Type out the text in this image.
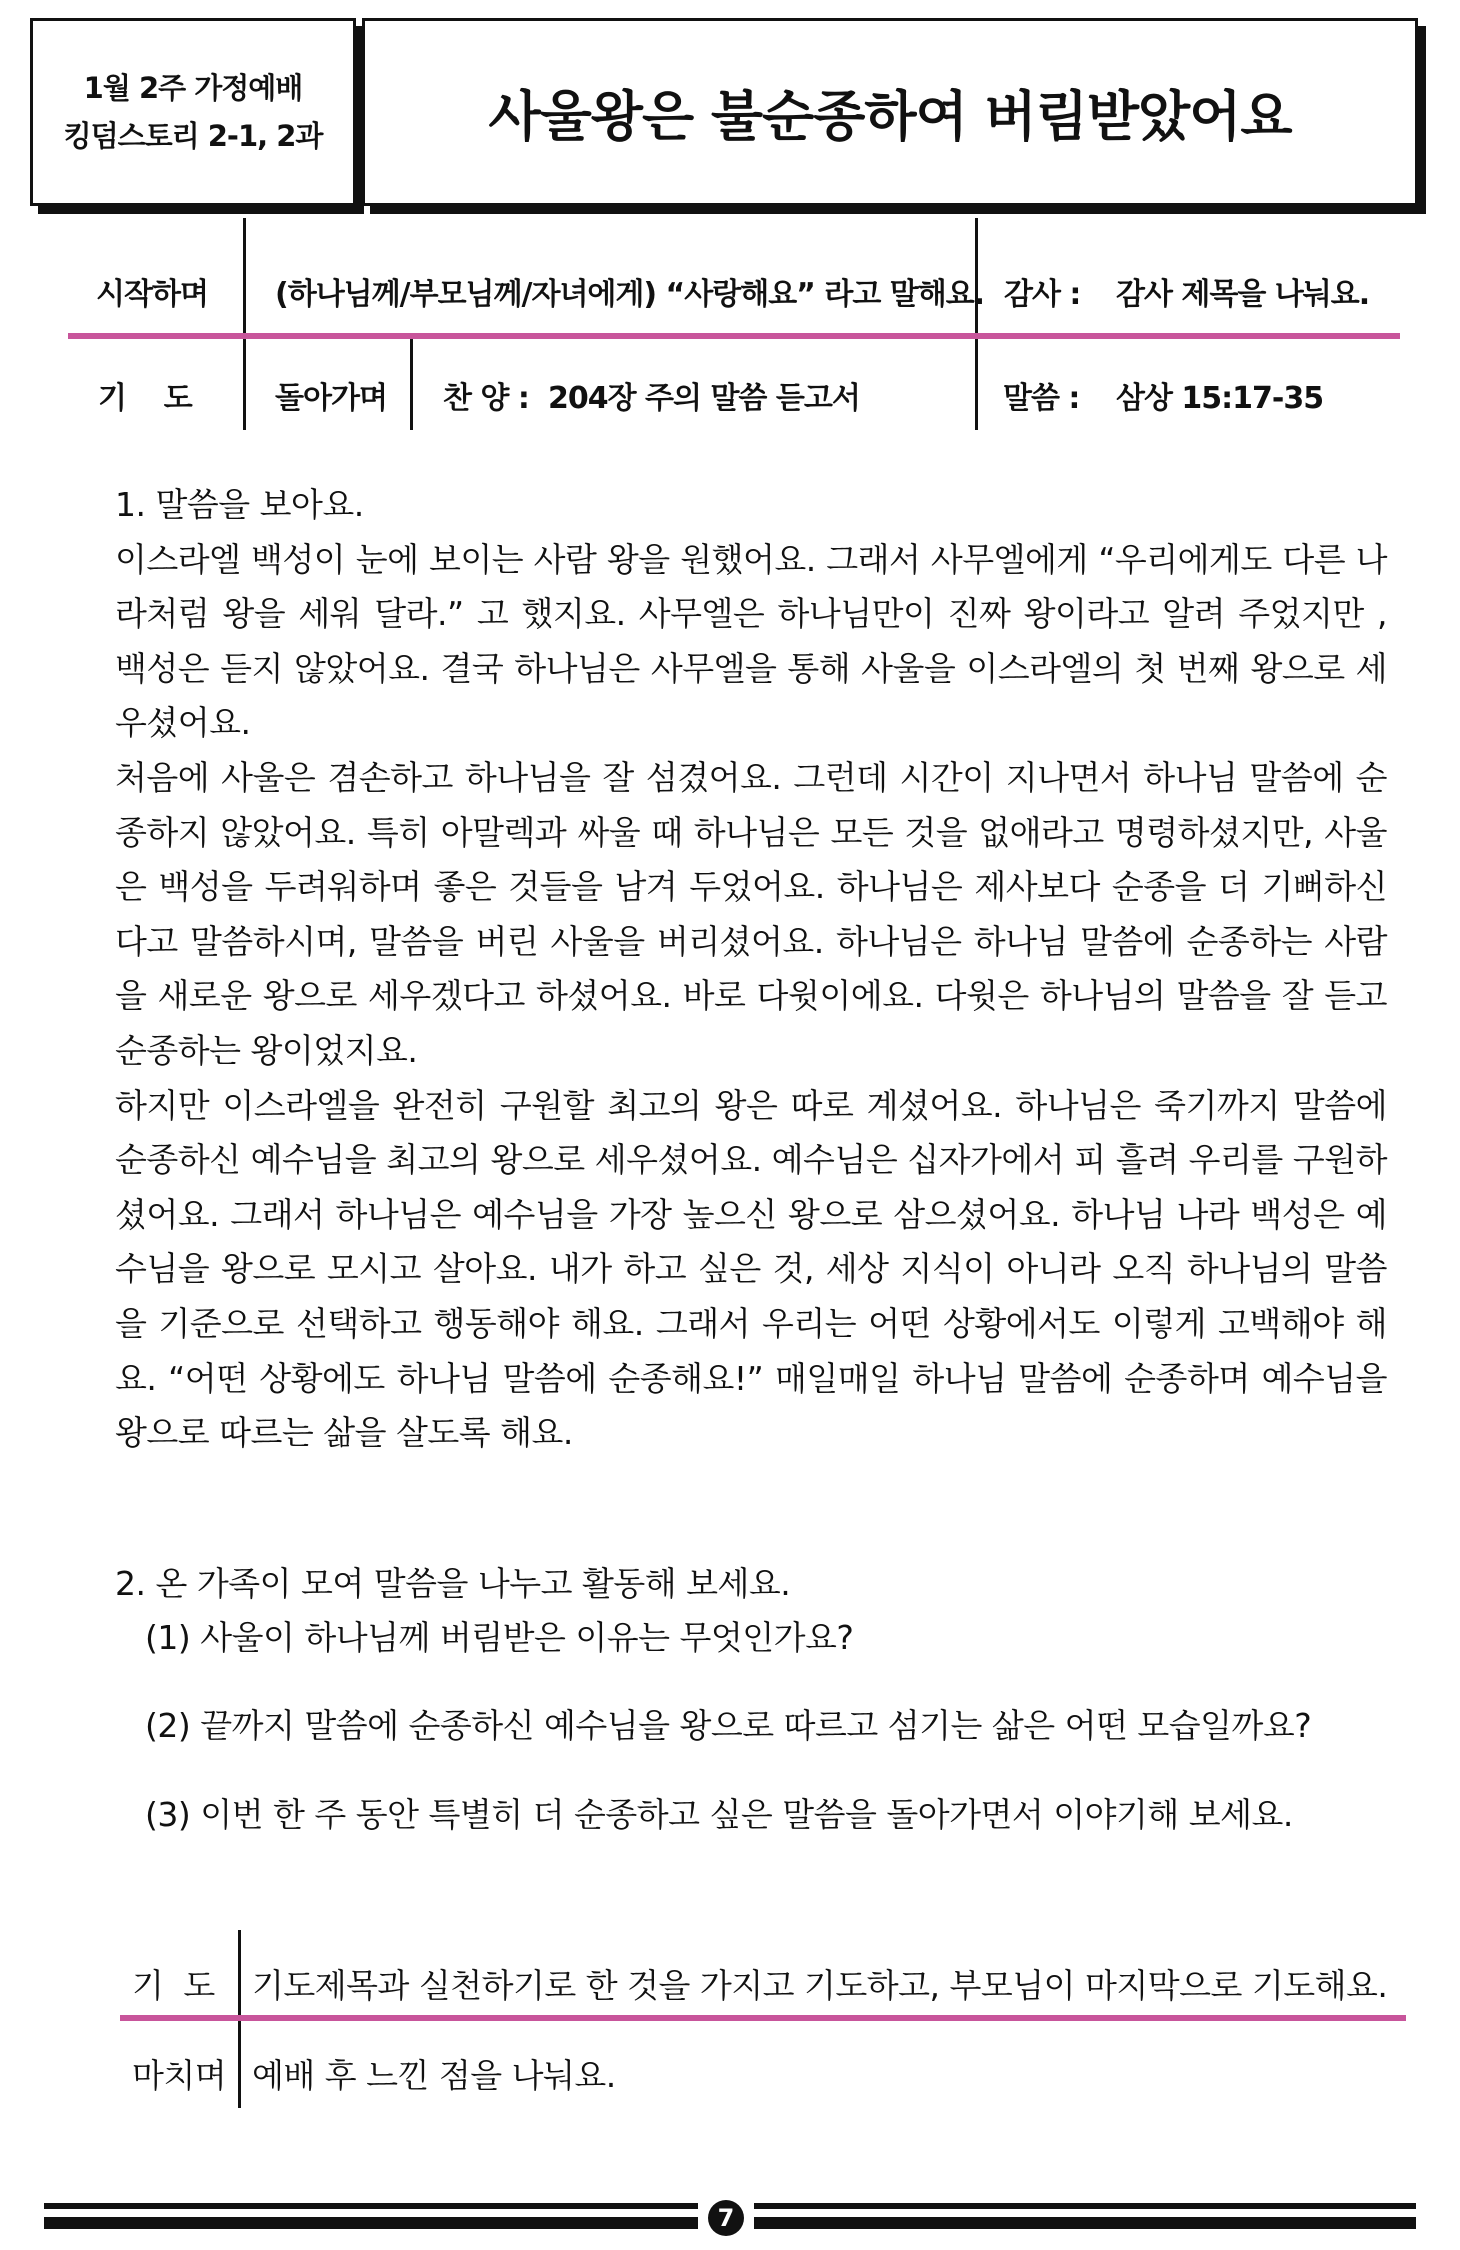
1월 2주 가정예배
킹덤스토리 2-1, 2과	사울왕은 불순종하여 버림받았어요
시작하며 (하나님께/부모님께/자녀에게) “사랑해요” 라고 말해요. 감사 : 감사 제목을 나눠요.
기    도	돌아가며 찬 양 : 204장 주의 말씀 듣고서	말씀 : 삼상 15:17-35

1. 말씀을 보아요.

이스라엘 백성이 눈에 보이는 사람 왕을 원했어요. 그래서 사무엘에게 “우리에게도 다른 나라처럼 왕을 세워 달라.” 고 했지요. 사무엘은 하나님만이 진짜 왕이라고 알려 주었지만 , 백성은 듣지 않았어요. 결국 하나님은 사무엘을 통해 사울을 이스라엘의 첫 번째 왕으로 세우셨어요.

처음에 사울은 겸손하고 하나님을 잘 섬겼어요. 그런데 시간이 지나면서 하나님 말씀에 순종하지 않았어요. 특히 아말렉과 싸울 때 하나님은 모든 것을 없애라고 명령하셨지만, 사울은 백성을 두려워하며 좋은 것들을 남겨 두었어요. 하나님은 제사보다 순종을 더 기뻐하신다고 말씀하시며, 말씀을 버린 사울을 버리셨어요. 하나님은 하나님 말씀에 순종하는 사람을 새로운 왕으로 세우겠다고 하셨어요. 바로 다윗이에요. 다윗은 하나님의 말씀을 잘 듣고 순종하는 왕이었지요.

하지만 이스라엘을 완전히 구원할 최고의 왕은 따로 계셨어요. 하나님은 죽기까지 말씀에 순종하신 예수님을 최고의 왕으로 세우셨어요. 예수님은 십자가에서 피 흘려 우리를 구원하셨어요. 그래서 하나님은 예수님을 가장 높으신 왕으로 삼으셨어요. 하나님 나라 백성은 예수님을 왕으로 모시고 살아요. 내가 하고 싶은 것, 세상 지식이 아니라 오직 하나님의 말씀을 기준으로 선택하고 행동해야 해요. 그래서 우리는 어떤 상황에서도 이렇게 고백해야 해요. “어떤 상황에도 하나님 말씀에 순종해요!” 매일매일 하나님 말씀에 순종하며 예수님을 왕으로 따르는 삶을 살도록 해요.

2. 온 가족이 모여 말씀을 나누고 활동해 보세요.
(1) 사울이 하나님께 버림받은 이유는 무엇인가요?
(2) 끝까지 말씀에 순종하신 예수님을 왕으로 따르고 섬기는 삶은 어떤 모습일까요?
(3) 이번 한 주 동안 특별히 더 순종하고 싶은 말씀을 돌아가면서 이야기해 보세요.
기  도 기도제목과 실천하기로 한 것을 가지고 기도하고, 부모님이 마지막으로 기도해요.
마치며 예배 후 느낀 점을 나눠요.
7
